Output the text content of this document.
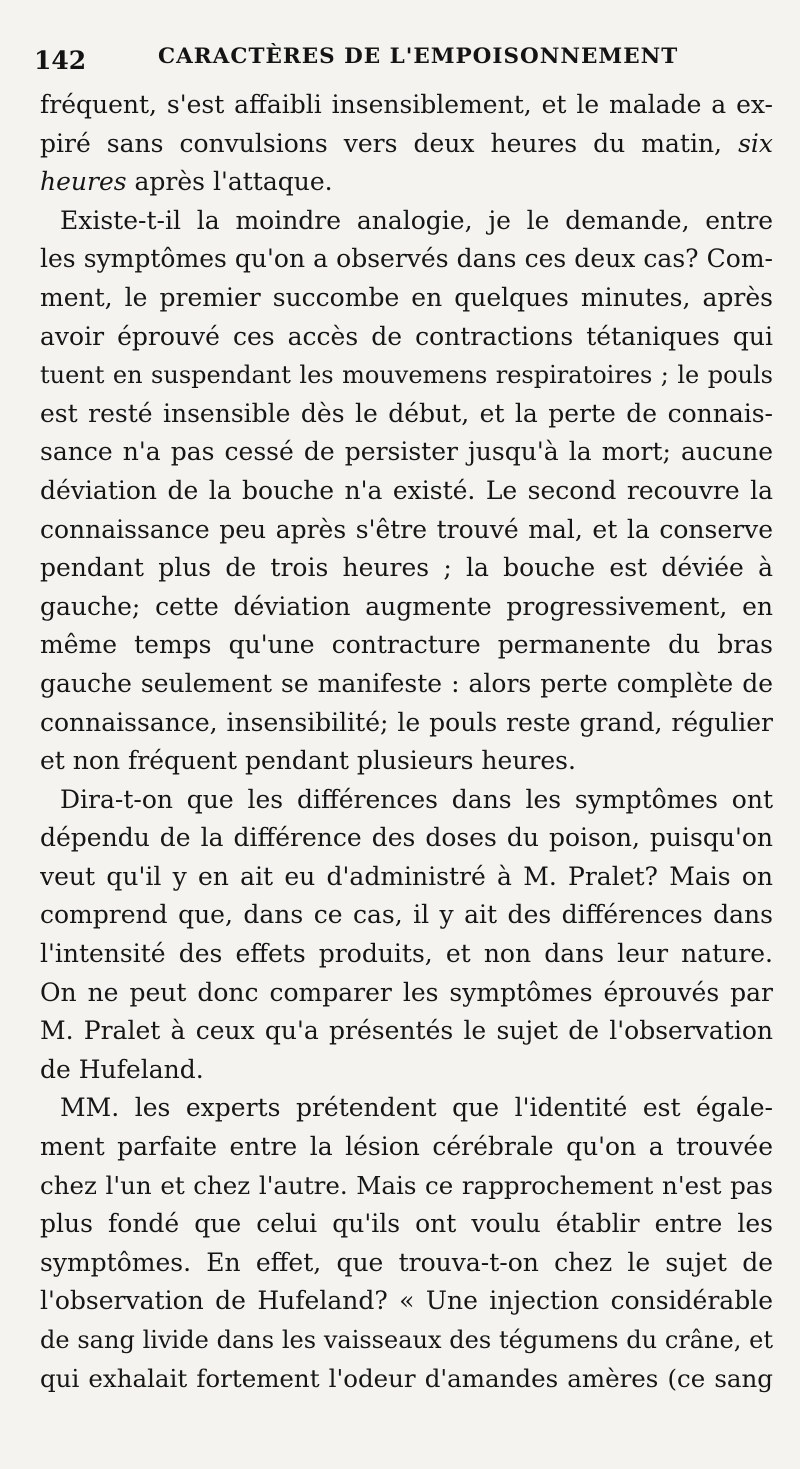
142	CARACTÈRES DE L'EMPOISONNEMENT
fréquent, s'est affaibli insensiblement, et le malade a ex-
piré sans convulsions vers deux heures du matin, six
heures après l'attaque.
Existe-t-il la moindre analogie, je le demande, entre
les symptômes qu'on a observés dans ces deux cas? Com-
ment, le premier succombe en quelques minutes, après
avoir éprouvé ces accès de contractions tétaniques qui
tuent en suspendant les mouvemens respiratoires ; le pouls
est resté insensible dès le début, et la perte de connais-
sance n'a pas cessé de persister jusqu'à la mort; aucune
déviation de la bouche n'a existé. Le second recouvre la
connaissance peu après s'être trouvé mal, et la conserve
pendant plus de trois heures ; la bouche est déviée à
gauche; cette déviation augmente progressivement, en
même temps qu'une contracture permanente du bras
gauche seulement se manifeste : alors perte complète de
connaissance, insensibilité; le pouls reste grand, régulier
et non fréquent pendant plusieurs heures.
Dira-t-on que les différences dans les symptômes ont
dépendu de la différence des doses du poison, puisqu'on
veut qu'il y en ait eu d'administré à M. Pralet? Mais on
comprend que, dans ce cas, il y ait des différences dans
l'intensité des effets produits, et non dans leur nature.
On ne peut donc comparer les symptômes éprouvés par
M. Pralet à ceux qu'a présentés le sujet de l'observation
de Hufeland.
MM. les experts prétendent que l'identité est égale-
ment parfaite entre la lésion cérébrale qu'on a trouvée
chez l'un et chez l'autre. Mais ce rapprochement n'est pas
plus fondé que celui qu'ils ont voulu établir entre les
symptômes. En effet, que trouva-t-on chez le sujet de
l'observation de Hufeland? « Une injection considérable
de sang livide dans les vaisseaux des tégumens du crâne, et
qui exhalait fortement l'odeur d'amandes amères (ce sang
